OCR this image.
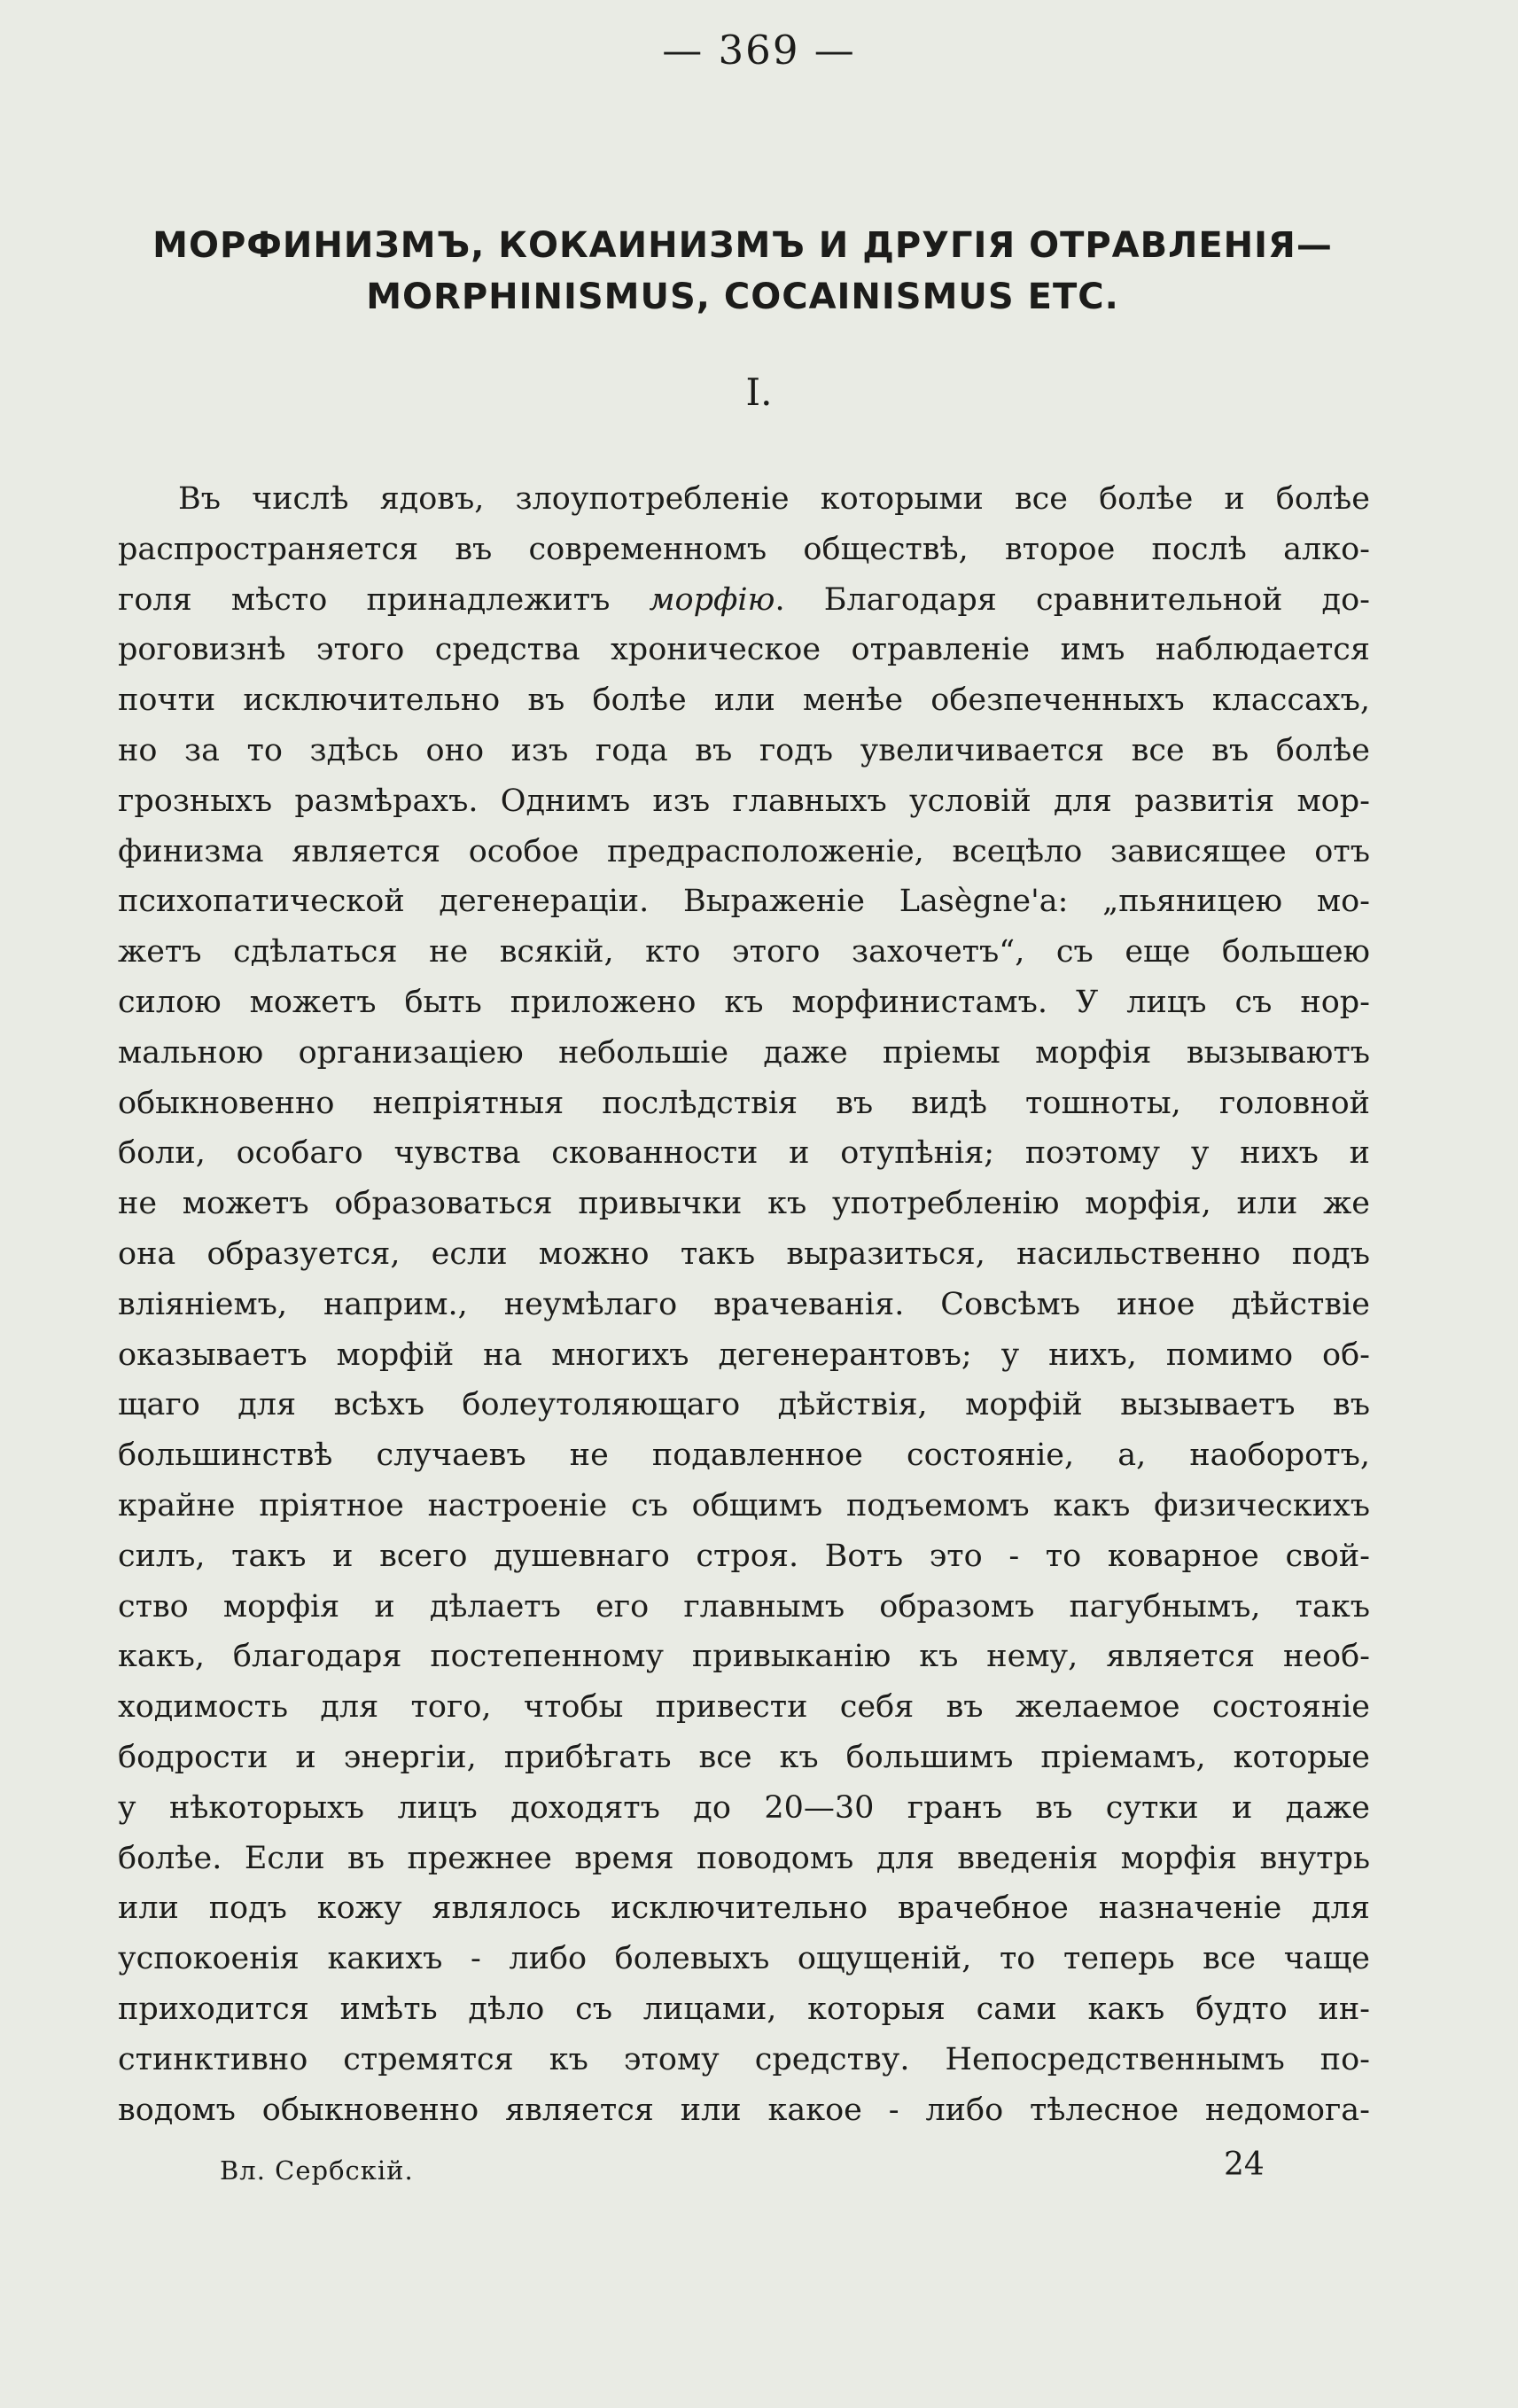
— 369 —
МОРФИНИЗМЪ, КОКАИНИЗМЪ И ДРУГІЯ ОТРАВЛЕНІЯ—
MORPHINISMUS, COCAINISMUS ETC.
I.
Въ числѣ ядовъ, злоупотребленіе которыми все болѣе и болѣе
распространяется въ современномъ обществѣ, второе послѣ алко-
голя мѣсто принадлежитъ морфію. Благодаря сравнительной до-
роговизнѣ этого средства хроническое отравленіе имъ наблюдается
почти исключительно въ болѣе или менѣе обезпеченныхъ классахъ,
но за то здѣсь оно изъ года въ годъ увеличивается все въ болѣе
грозныхъ размѣрахъ. Однимъ изъ главныхъ условій для развитія мор-
финизма является особое предрасположеніе, всецѣло зависящее отъ
психопатической дегенераціи. Выраженіе Lasègne'а: „пьяницею мо-
жетъ сдѣлаться не всякій, кто этого захочетъ“, съ еще большею
силою можетъ быть приложено къ морфинистамъ. У лицъ съ нор-
мальною организацiею небольшіе даже пріемы морфія вызываютъ
обыкновенно непріятныя послѣдствія въ видѣ тошноты, головной
боли, особаго чувства скованности и отупѣнія; поэтому у нихъ и
не можетъ образоваться привычки къ употребленію морфія, или же
она образуется, если можно такъ выразиться, насильственно подъ
вліяніемъ, наприм., неумѣлаго врачеванія. Совсѣмъ иное дѣйствіе
оказываетъ морфій на многихъ дегенерантовъ; у нихъ, помимо об-
щаго для всѣхъ болеутоляющаго дѣйствія, морфій вызываетъ въ
большинствѣ случаевъ не подавленное состояніе, а, наоборотъ,
крайне пріятное настроеніе съ общимъ подъемомъ какъ физическихъ
силъ, такъ и всего душевнаго строя. Вотъ это - то коварное свой-
ство морфія и дѣлаетъ его главнымъ образомъ пагубнымъ, такъ
какъ, благодаря постепенному привыканію къ нему, является необ-
ходимость для того, чтобы привести себя въ желаемое состояніе
бодрости и энергіи, прибѣгать все къ большимъ пріемамъ, которые
у нѣкоторыхъ лицъ доходятъ до 20—30 гранъ въ сутки и даже
болѣе. Если въ прежнее время поводомъ для введенія морфія внутрь
или подъ кожу являлось исключительно врачебное назначеніе для
успокоенія какихъ - либо болевыхъ ощущеній, то теперь все чаще
приходится имѣть дѣло съ лицами, которыя сами какъ будто ин-
стинктивно стремятся къ этому средству. Непосредственнымъ по-
водомъ обыкновенно является или какое - либо тѣлесное недомога-
Вл. Сербскій.	24
